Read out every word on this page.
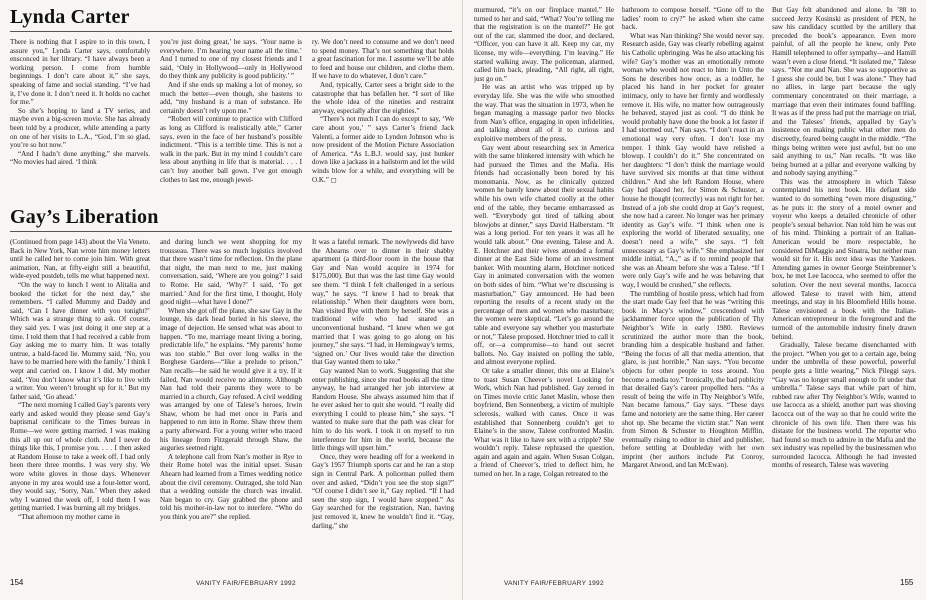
Lynda Carter

There is nothing that I aspire to in this town, I assure you,” Lynda Carter says, comfortably ensconced in her library. “I have always been a working person. I come from humble beginnings. I don’t care about it,” she says, speaking of fame and social standing. “I’ve had it, I’ve done it. I don’t need it. It holds no cachet for me.”

So she’s hoping to land a TV series, and maybe even a big-screen movie. She has already been told by a producer, while attending a party on one of her visits to L.A., “God, I’m so glad, you’re so hot now.”

“And I hadn’t done anything,” she marvels. “No movies had aired. ‘I think

you’re just doing great,’ he says. ‘Your name is everywhere. I’m hearing your name all the time.’ And I turned to one of my closest friends and I said, ‘Only in Hollywood—only in Hollywood do they think any publicity is good publicity.’ ”

And if she ends up making a lot of money, so much the better—even though, she hastens to add, “my husband is a man of substance. He certainly doesn’t rely upon me.”

“Robert will continue to practice with Clifford as long as Clifford is realistically able,” Carter says, even in the face of her husband’s possible indictment. “This is a terrible time. This is not a walk in the park. But in my mind I couldn’t care less about anything in life that is material. . . . I can’t buy another ball gown. I’ve got enough clothes to last me, enough jewel-

ry. We don’t need to consume and we don’t need to spend money. That’s not something that holds a great fascination for me. I assume we’ll be able to feed and house our children, and clothe them. If we have to do whatever, I don’t care.”

And, typically, Carter sees a bright side to the catastrophe that has befallen her. “I sort of like the whole idea of the nineties and restraint anyway, especially after the eighties.”

“There’s not much I can do except to say, ‘We care about you,’ ” says Carter’s friend Jack Valenti, a former aide to Lyndon Johnson who is now president of the Motion Picture Association of America. “As L.B.J. would say, just hunker down like a jackass in a hailstorm and let the wild winds blow for a while, and everything will be O.K.” ◻

Gay’s Liberation

(Continued from page 143) about the Via Veneto. Back in New York, Nan wrote him money letters until he called her to come join him. With great animation, Nan, at fifty-eight still a beautiful, wide-eyed postdeb, tells me what happened next.

“On the way to lunch I went to Alitalia and booked the ticket for the next day,” she remembers. “I called Mummy and Daddy and said, ‘Can I have dinner with you tonight?’ Which was a strange thing to ask. Of course, they said yes. I was just doing it one step at a time. I told them that I had received a cable from Gay asking me to marry him. It was totally untrue, a bald-faced lie. Mummy said, ‘No, you have to be married here with the family.’ I think I wept and carried on. I know I did. My mother said, ‘You don’t know what it’s like to live with a writer. You weren’t brought up for it.’ But my father said, ‘Go ahead.’

“The next morning I called Gay’s parents very early and asked would they please send Gay’s baptismal certificate to the Times bureau in Rome—we were getting married. I was making this all up out of whole cloth. And I never do things like this, I promise you. . . . I then asked at Random House to take a week off. I had only been there three months. I was very shy. We wore white gloves in those days. Whenever anyone in my area would use a four-letter word, they would say, ‘Sorry, Nan.’ When they asked why I wanted the week off, I told them I was getting married. I was burning all my bridges.

“That afternoon my mother came in

and during lunch we went shopping for my trousseau. There was so much logistics involved that there wasn’t time for reflection. On the plane that night, the man next to me, just making conversation, said, ‘Where are you going?’ I said to Rome. He said, ‘Why?’ I said, ‘To get married.’ And for the first time, I thought, Holy good night—what have I done?”

When she got off the plane, she saw Gay in the lounge, his dark head buried in his sleeve, the image of dejection. He sensed what was about to happen. “To me, marriage meant living a boring, predictable life,” he explains. “My parents’ home was too stable.” But over long walks in the Borghese Gardens—“like a prelude to prison,” Nan recalls—he said he would give it a try. If it failed, Nan would receive no alimony. Although Nan had told their parents they were to be married in a church, Gay refused. A civil wedding was arranged by one of Talese’s heroes, Irwin Shaw, whom he had met once in Paris and happened to run into in Rome. Shaw threw them a party afterward. For a young writer who traced his lineage from Fitzgerald through Shaw, the auguries seemed right.

A telephone call from Nan’s mother in Rye to their Rome hotel was the initial upset. Susan Ahearn had learned from a Times wedding notice about the civil ceremony. Outraged, she told Nan that a wedding outside the church was invalid. Nan began to cry. Gay grabbed the phone and told his mother-in-law not to interfere. “Who do you think you are?” she replied.

It was a fateful remark. The newlyweds did have the Ahearns over to dinner in their shabby apartment (a third-floor room in the house that Gay and Nan would acquire in 1974 for $175,000). But that was the last time Gay would see them. “I think I felt challenged in a serious way,” he says. “I knew I had to break that relationship.” When their daughters were born, Nan visited Rye with them by herself. She was a traditional wife who had snared an unconventional husband. “I knew when we got married that I was going to go along on his journey,” she says. “I had, in Hemingway’s terms, ‘signed on.’ Our lives would take the direction that Gay wanted them to take.”

Gay wanted Nan to work. Suggesting that she enter publishing, since she read books all the time anyway, he had arranged her job interview at Random House. She always assumed him that if he ever asked her to quit she would. “I really did everything I could to please him,” she says. “I wanted to make sure that the path was clear for him to do his work. I took it on myself to run interference for him in the world, because the little things will upset him.”

Once, they were heading off for a weekend in Gay’s 1957 Triumph sports car and he ran a stop sign in Central Park. A policeman pulled them over and asked, “Didn’t you see the stop sign?” “Of course I didn’t see it,” Gay replied. “If I had seen the stop sign, I would have stopped.” As Gay searched for the registration, Nan, having just removed it, knew he wouldn’t find it. “Gay, darling,” she

154	VANITY FAIR/FEBRUARY 1992

murmured, “it’s on our fireplace mantel.” He turned to her and said, “What? You’re telling me that the registration is on the mantel?” He got out of the car, slammed the door, and declared, “Officer, you can have it all. Keep my car, my license, my wife—everything. I’m leaving.” He started walking away. The policeman, alarmed, called him back, pleading, “All right, all right, just go on.”

He was an artist who was tripped up by everyday life. She was the wife who smoothed the way. That was the situation in 1973, when he began managing a massage parlor two blocks from Nan’s office, engaging in open infidelities, and talking about all of it to curious and exploitive members of the press.

Gay went about researching sex in America with the same blinkered intensity with which he had pursued the Times and the Mafia. His friends had occasionally been bored by his monomania. Now, as he clinically quizzed women he barely knew about their sexual habits while his own wife chatted coolly at the other end of the table, they became embarrassed as well. “Everybody got tired of talking about blowjobs at dinner,” says David Halberstam. “It was a long period. For ten years it was all he would talk about.” One evening, Talese and A. E. Hotchner and their wives attended a formal dinner at the East Side home of an investment banker. With mounting alarm, Hotchner noticed Gay in animated conversation with the women on both sides of him. “What we’re discussing is masturbation,” Gay announced. He had been reporting the results of a recent study on the percentage of men and women who masturbate; the women were skeptical. “Let’s go around the table and everyone say whether you masturbate or not,” Talese proposed. Hotchner tried to call it off, or—a compromise—to hand out secret ballots. No. Gay insisted on polling the table, and almost everyone replied.

Or take a smaller dinner, this one at Elaine’s to toast Susan Cheever’s novel Looking for Work, which Nan had published. Gay zeroed in on Times movie critic Janet Maslin, whose then boyfriend, Ben Sonnenberg, a victim of multiple sclerosis, walked with canes. Once it was established that Sonnenberg couldn’t get to Elaine’s in the snow, Talese confronted Maslin. What was it like to have sex with a cripple? She wouldn’t reply. Talese rephrased the question, again and again and again. When Susan Colgan, a friend of Cheever’s, tried to deflect him, he turned on her. In a rage, Colgan retreated to the

bathroom to compose herself. “Gone off to the ladies’ room to cry?” he asked when she came back.

What was Nan thinking? She would never say. Research aside, Gay was clearly rebelling against his Catholic upbringing. Was he also attacking his wife? Gay’s mother was an emotionally remote woman who would not react to him: in Unto the Sons he describes how once, as a toddler, he placed his hand in her pocket for greater intimacy, only to have her firmly and wordlessly remove it. His wife, no matter how outrageously he behaved, stayed just as cool. “I do think he would probably have done the book a lot faster if I had stormed out,” Nan says. “I don’t react in an emotional way very often. I don’t lose my temper. I think Gay would have relished a blowup. I couldn’t do it.” She concentrated on her daughters: “I don’t think the marriage would have survived six months at that time without children.” And she left Random House, where Gay had placed her, for Simon & Schuster, a house he thought (correctly) was not right for her. Instead of a job she could drop at Gay’s request, she now had a career. No longer was her primary identity as Gay’s wife. “I think when one is exploring the world of liberated sexuality, one doesn’t need a wife,” she says. “I felt unnecessary as Gay’s wife.” She emphasized her middle initial, “A.,” as if to remind people that she was an Ahearn before she was a Talese. “If I were only Gay’s wife and he was behaving that way, I would be crushed,” she reflects.

The rumbling of hostile press, which had from the start made Gay feel that he was “writing this book in Macy’s window,” crescendoed with jackhammer force upon the publication of Thy Neighbor’s Wife in early 1980. Reviews scrutinized the author more than the book, branding him a despicable husband and father. “Being the focus of all that media attention, that glare, is just horrible,” Nan says. “You become objects for other people to toss around. You become a media toy.” Ironically, the bad publicity that derailed Gay’s career propelled hers. “As a result of being the wife in Thy Neighbor’s Wife, Nan became famous,” Gay says. “These days fame and notoriety are the same thing. Her career shot up. She became the victim star.” Nan went from Simon & Schuster to Houghton Mifflin, eventually rising to editor in chief and publisher, before settling at Doubleday with her own imprint (her authors include Pat Conroy, Margaret Atwood, and Ian McEwan).

But Gay felt abandoned and alone. In ’88 to succeed Jerzy Kosinski as president of PEN, he saw his candidacy scuttled by the artillery that preceded the book’s appearance. Even more painful, of all the people he knew, only Pete Hamill telephoned to offer sympathy—and Hamill wasn’t even a close friend. “It isolated me,” Talese says. “Not me and Nan. She was so supportive as I guess she could be, but I was alone.” They had no allies, in large part because the ugly commentary concentrated on their marriage, a marriage that even their intimates found baffling. It was as if the press had put the marriage on trial, and the Taleses’ friends, appalled by Gay’s insistence on making public what other men do discreetly, feared being caught in the middle. “The things being written were just awful, but no one said anything to us,” Nan recalls. “It was like being burned at a pillar and everyone walking by and nobody saying anything.”

This was the atmosphere in which Talese contemplated his next book. His defiant side wanted to do something “even more disgusting,” as he puts it: the story of a motel owner and voyeur who keeps a detailed chronicle of other people’s sexual behavior. Nan told him he was out of his mind. Thinking a portrait of an Italian-American would be more respectable, he considered DiMaggio and Sinatra, but neither man would sit for it. His next idea was the Yankees. Attending games in owner George Steinbrenner’s box, he met Lee Iacocca, who seemed to offer the solution. Over the next several months, Iacocca allowed Talese to travel with him, attend meetings, and stay in his Bloomfield Hills house. Talese envisioned a book with the Italian-American entrepreneur in the foreground and the turmoil of the automobile industry finely drawn behind.

Gradually, Talese became disenchanted with the project. “When you get to a certain age, being under the umbrella of these powerful, powerful people gets a little wearing,” Nick Pileggi says. “Gay was no longer small enough to fit under that umbrella.” Talese says that while part of him, rubbed raw after Thy Neighbor’s Wife, wanted to use Iacocca as a shield, another part was shoving Iacocca out of the way so that he could write the chronicle of his own life. Then there was his distaste for the business world. The reporter who had found so much to admire in the Mafia and the sex industry was repelled by the businessmen who surrounded Iacocca. Although he had invested months of research, Talese was wavering

VANITY FAIR/FEBRUARY 1992	155
